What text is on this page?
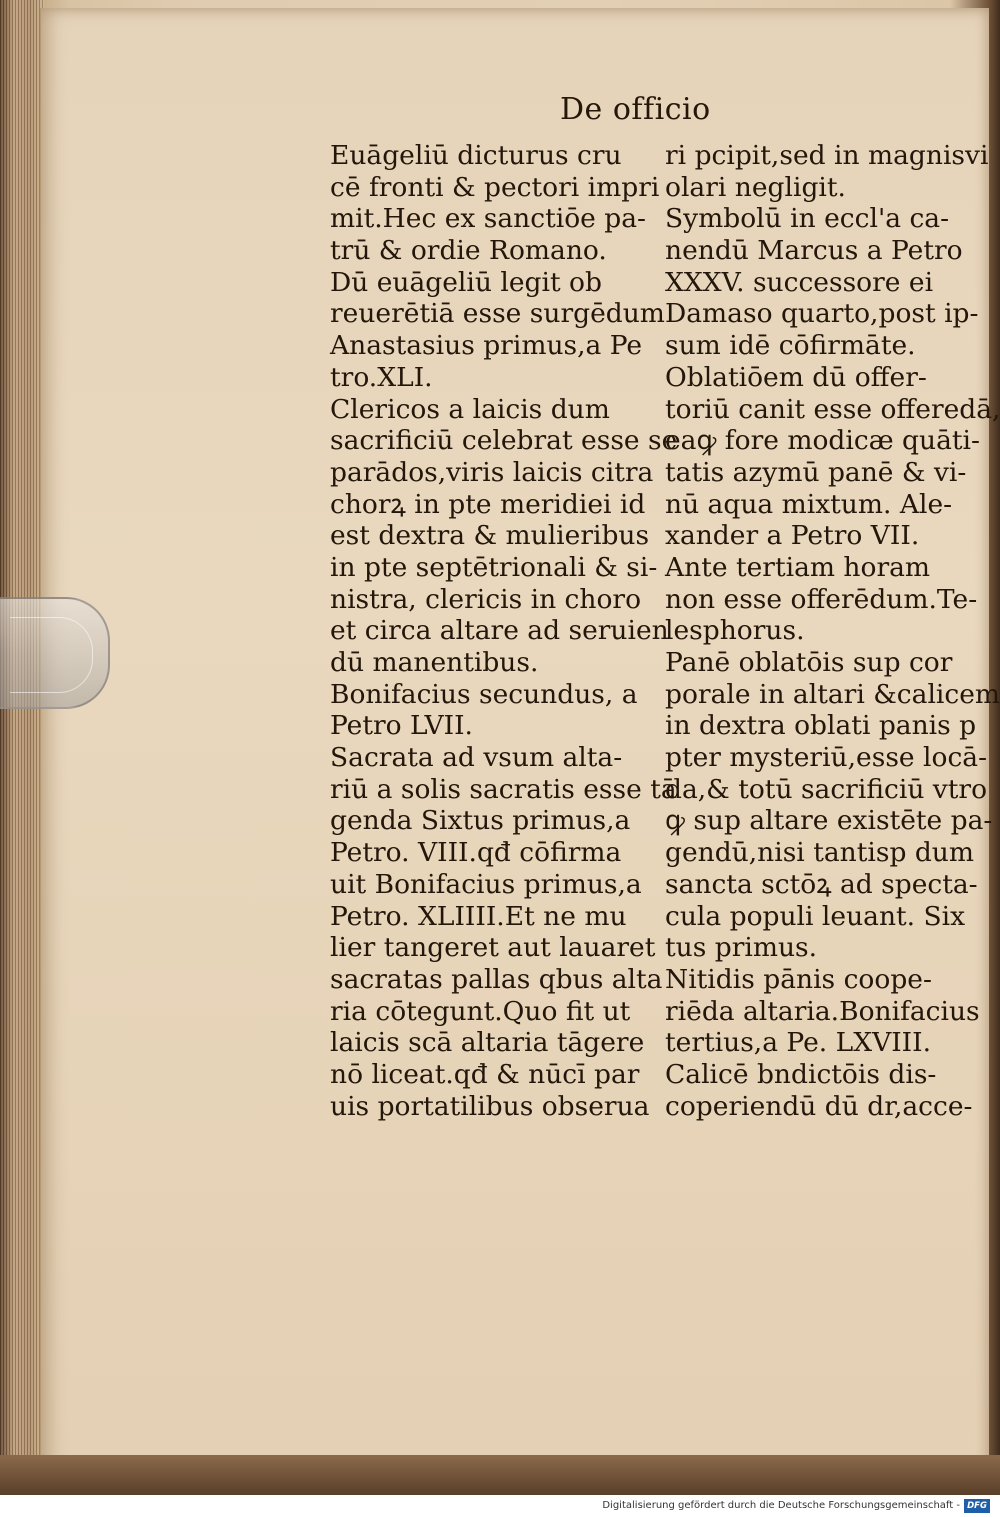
De officio
Euāgeliū dicturus cru
cē fronti & pectori impri
mit.Hec ex sanctiōe pa-
trū & ordie Romano.
Dū euāgeliū legit ob
reuerētiā esse surgēdum
Anastasius primus,a Pe
tro.XLI.
Clericos a laicis dum
sacrificiū celebrat esse se
parādos,viris laicis citra
chorꝝ in pte meridiei id
est dextra & mulieribus
in pte septētrionali & si-
nistra, clericis in choro
et circa altare ad seruien
dū manentibus.
Bonifacius secundus, a
Petro LVII.
Sacrata ad vsum alta-
riū a solis sacratis esse tā
genda Sixtus primus,a
Petro. VIII.qđ cōfirma
uit Bonifacius primus,a
Petro. XLIIII.Et ne mu
lier tangeret aut lauaret
sacratas pallas qbus alta
ria cōtegunt.Quo fit ut
laicis scā altaria tāgere
nō liceat.qđ & nūcī par
uis portatilibus obserua
ri pcipit,sed in magnisvi
olari negligit.
Symbolū in eccl'a ca-
nendū Marcus a Petro
XXXV. successore ei
Damaso quarto,post ip-
sum idē cōfirmāte.
Oblatiōem dū offer-
toriū canit esse offeredā,
eaꝙ fore modicæ quāti-
tatis azymū panē & vi-
nū aqua mixtum. Ale-
xander a Petro VII.
Ante tertiam horam
non esse offerēdum.Te-
lesphorus.
Panē oblatōis sup cor
porale in altari &calicem
in dextra oblati panis p
pter mysteriū,esse locā-
da,& totū sacrificiū vtro
ꝙ sup altare existēte pa-
gendū,nisi tantisp dum
sancta sctōꝝ ad specta-
cula populi leuant. Six
tus primus.
Nitidis pānis coope-
riēda altaria.Bonifacius
tertius,a Pe. LXVIII.
Calicē bndictōis dis-
coperiendū dū dr,acce-
Digitalisierung gefördert durch die Deutsche Forschungsgemeinschaft - DFG
